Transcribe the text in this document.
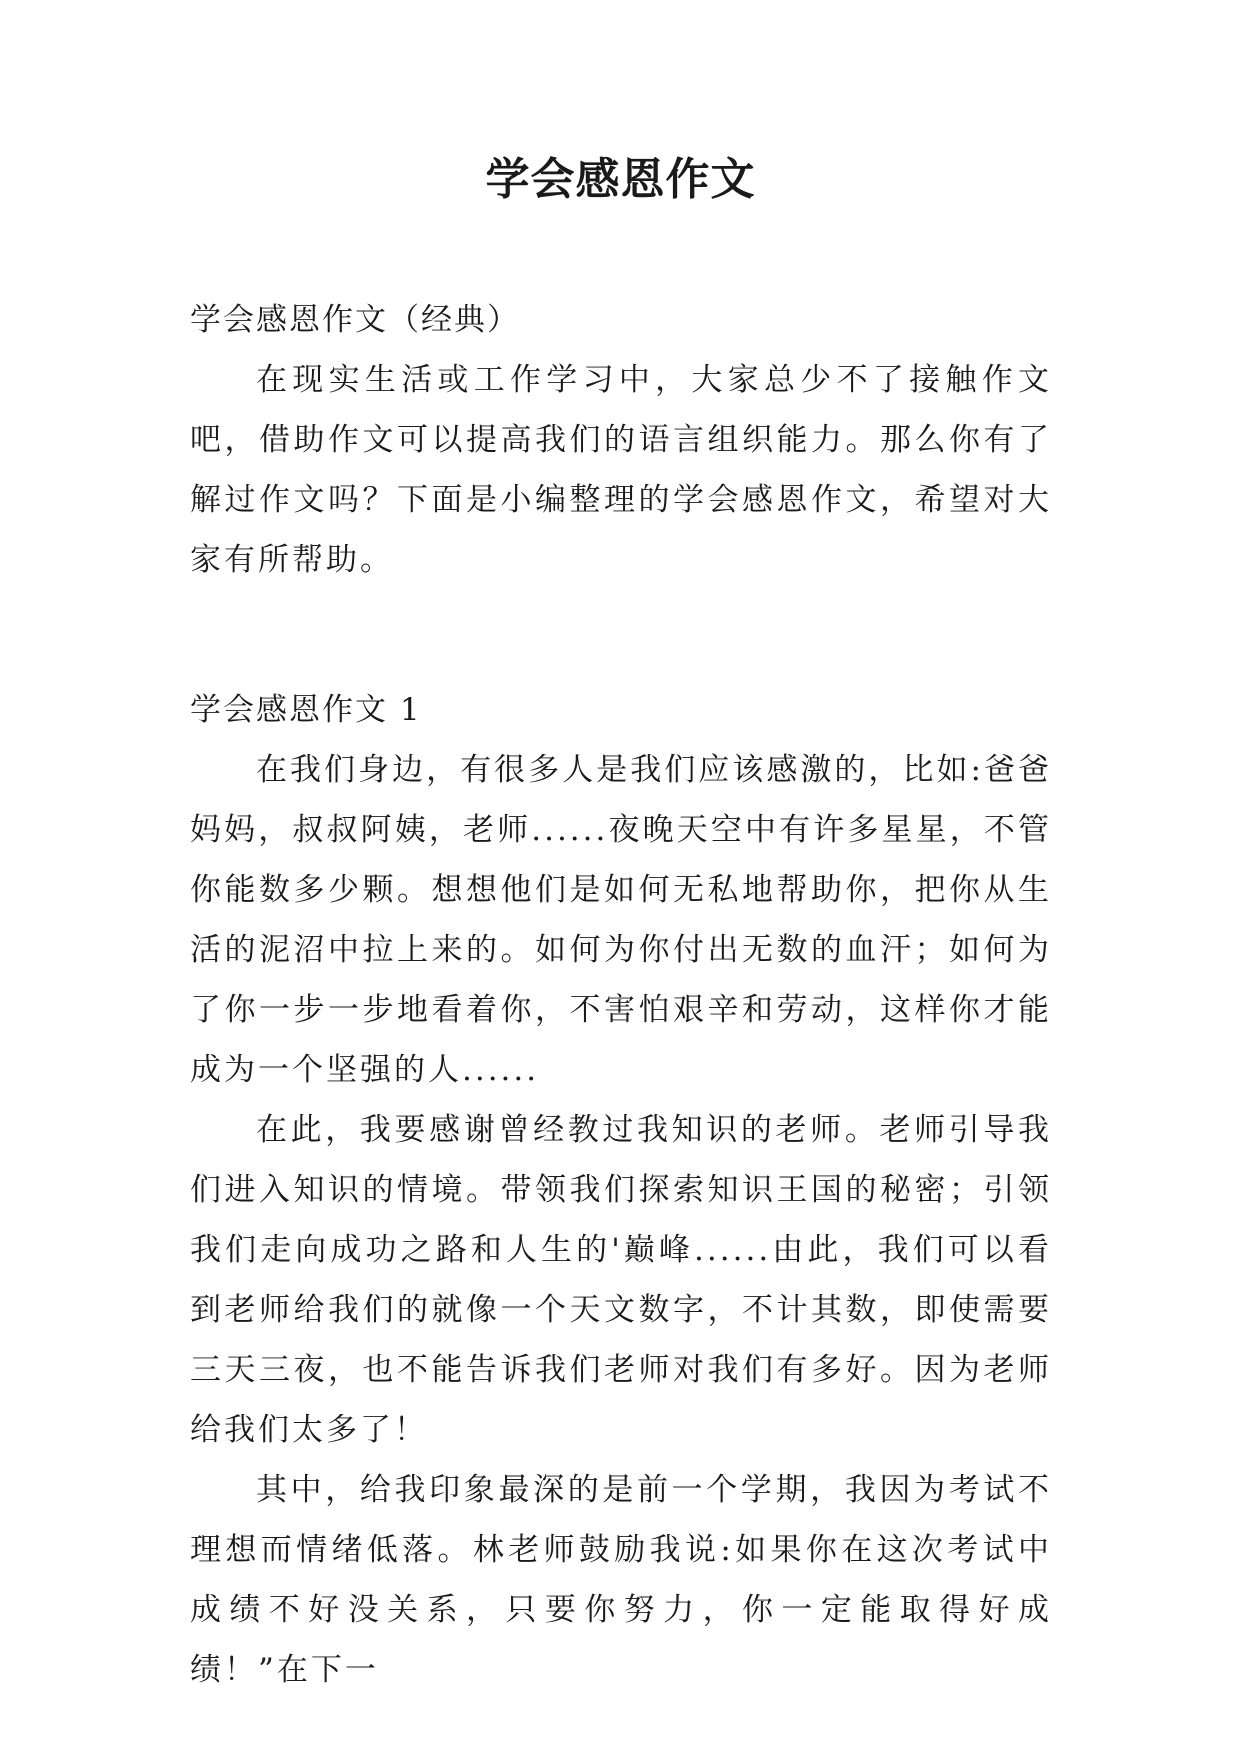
学会感恩作文

学会感恩作文（经典）

在现实生活或工作学习中，大家总少不了接触作文吧，借助作文可以提高我们的语言组织能力。那么你有了解过作文吗？下面是小编整理的学会感恩作文，希望对大家有所帮助。

学会感恩作文 1

在我们身边，有很多人是我们应该感激的，比如:爸爸妈妈，叔叔阿姨，老师......夜晚天空中有许多星星，不管你能数多少颗。想想他们是如何无私地帮助你，把你从生活的泥沼中拉上来的。如何为你付出无数的血汗；如何为了你一步一步地看着你，不害怕艰辛和劳动，这样你才能成为一个坚强的人......

在此，我要感谢曾经教过我知识的老师。老师引导我们进入知识的情境。带领我们探索知识王国的秘密；引领我们走向成功之路和人生的'巅峰......由此，我们可以看到老师给我们的就像一个天文数字，不计其数，即使需要三天三夜，也不能告诉我们老师对我们有多好。因为老师给我们太多了！

其中，给我印象最深的是前一个学期，我因为考试不理想而情绪低落。林老师鼓励我说:如果你在这次考试中成绩不好没关系，只要你努力，你一定能取得好成绩！”在下一
